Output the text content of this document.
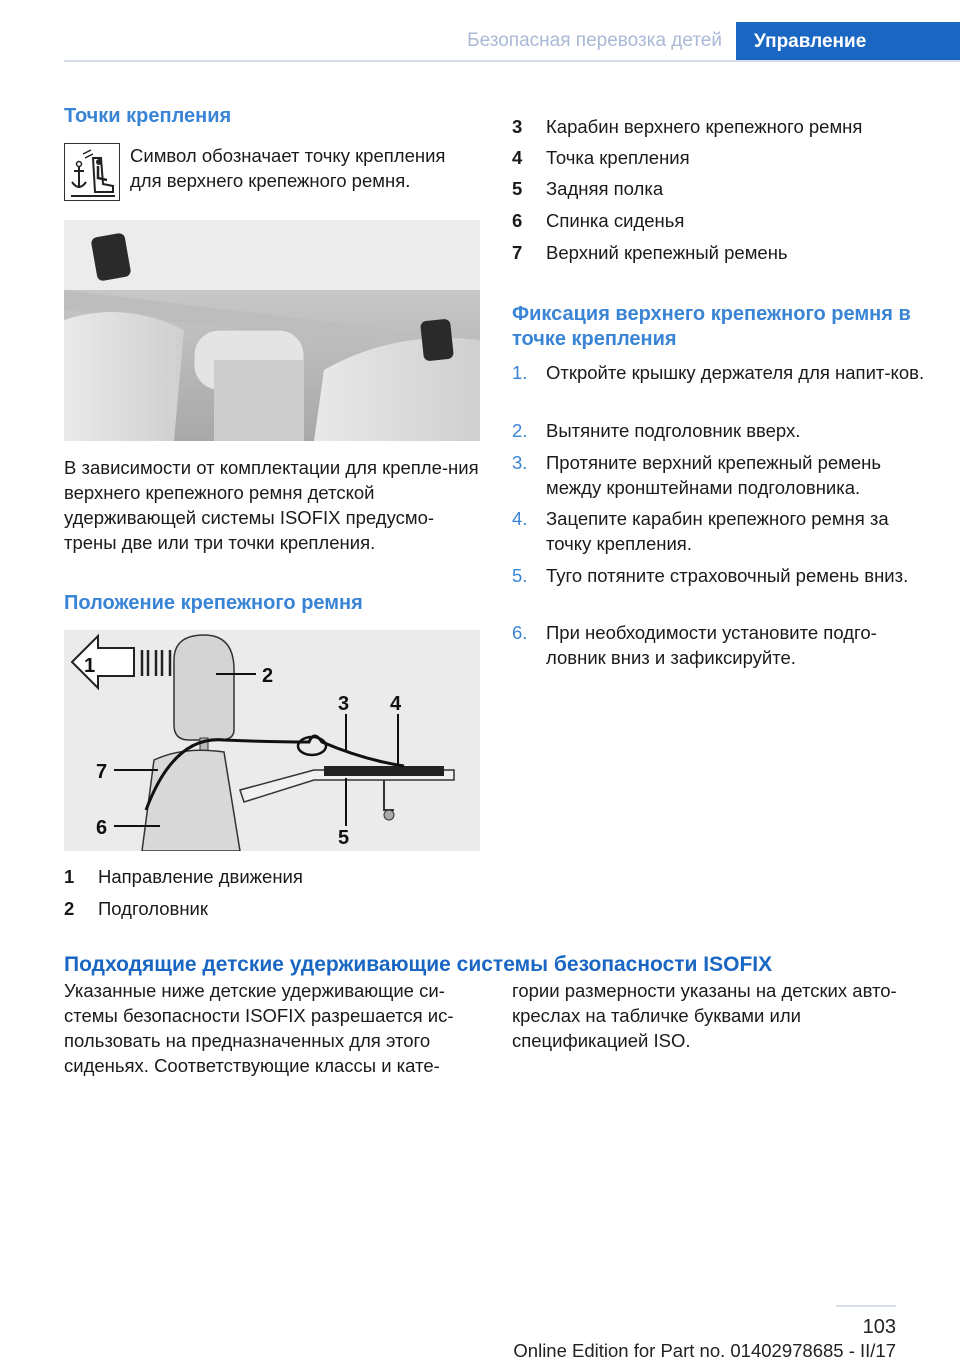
Безопасная перевозка детей	Управление
Точки крепления

Символ обозначает точку крепления для верхнего крепежного ремня.

В зависимости от комплектации для крепле-ния верхнего крепежного ремня детской удерживающей системы ISOFIX предусмо-трены две или три точки крепления.

Положение крепежного ремня
1	2
3 4
5
6
7
1 Направление движения
2 Подголовник
3 Карабин верхнего крепежного ремня
4 Точка крепления
5 Задняя полка
6 Спинка сиденья
7 Верхний крепежный ремень
Фиксация верхнего крепежного ремня в точке крепления
1. Откройте крышку держателя для напит-ков.
2. Вытяните подголовник вверх.
3. Протяните верхний крепежный ремень между кронштейнами подголовника.
4. Зацепите карабин крепежного ремня за точку крепления.
5. Туго потяните страховочный ремень вниз.
6. При необходимости установите подго-ловник вниз и зафиксируйте.
Подходящие детские удерживающие системы безопасности ISOFIX

Указанные ниже детские удерживающие си-стемы безопасности ISOFIX разрешается ис-пользовать на предназначенных для этого сиденьях. Соответствующие классы и кате-

гории размерности указаны на детских авто-креслах на табличке буквами или спецификацией ISO.

103
Online Edition for Part no. 01402978685 - II/17
